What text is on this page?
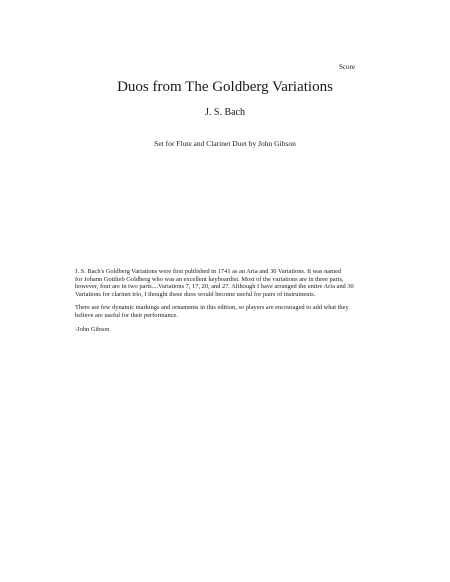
Score
Duos from The Goldberg Variations
J. S. Bach
Set for Flute and Clarinet Duet by John Gibson

J. S. Bach's Goldberg Variations were first published in 1741 as an Aria and 30 Variations. It was named
for Johann Gottlieb Goldberg who was an excellent keyboardist. Most of the variations are in three parts,
however, four are in two parts....Variations 7, 17, 20, and 27. Although I have arranged the entire Aria and 30
Variations for clarinet trio, I thought these duos would become useful for pairs of instruments.

There are few dynamic markings and ornaments in this edition, so players are encouraged to add what they
believe are useful for their performance.

-John Gibson
